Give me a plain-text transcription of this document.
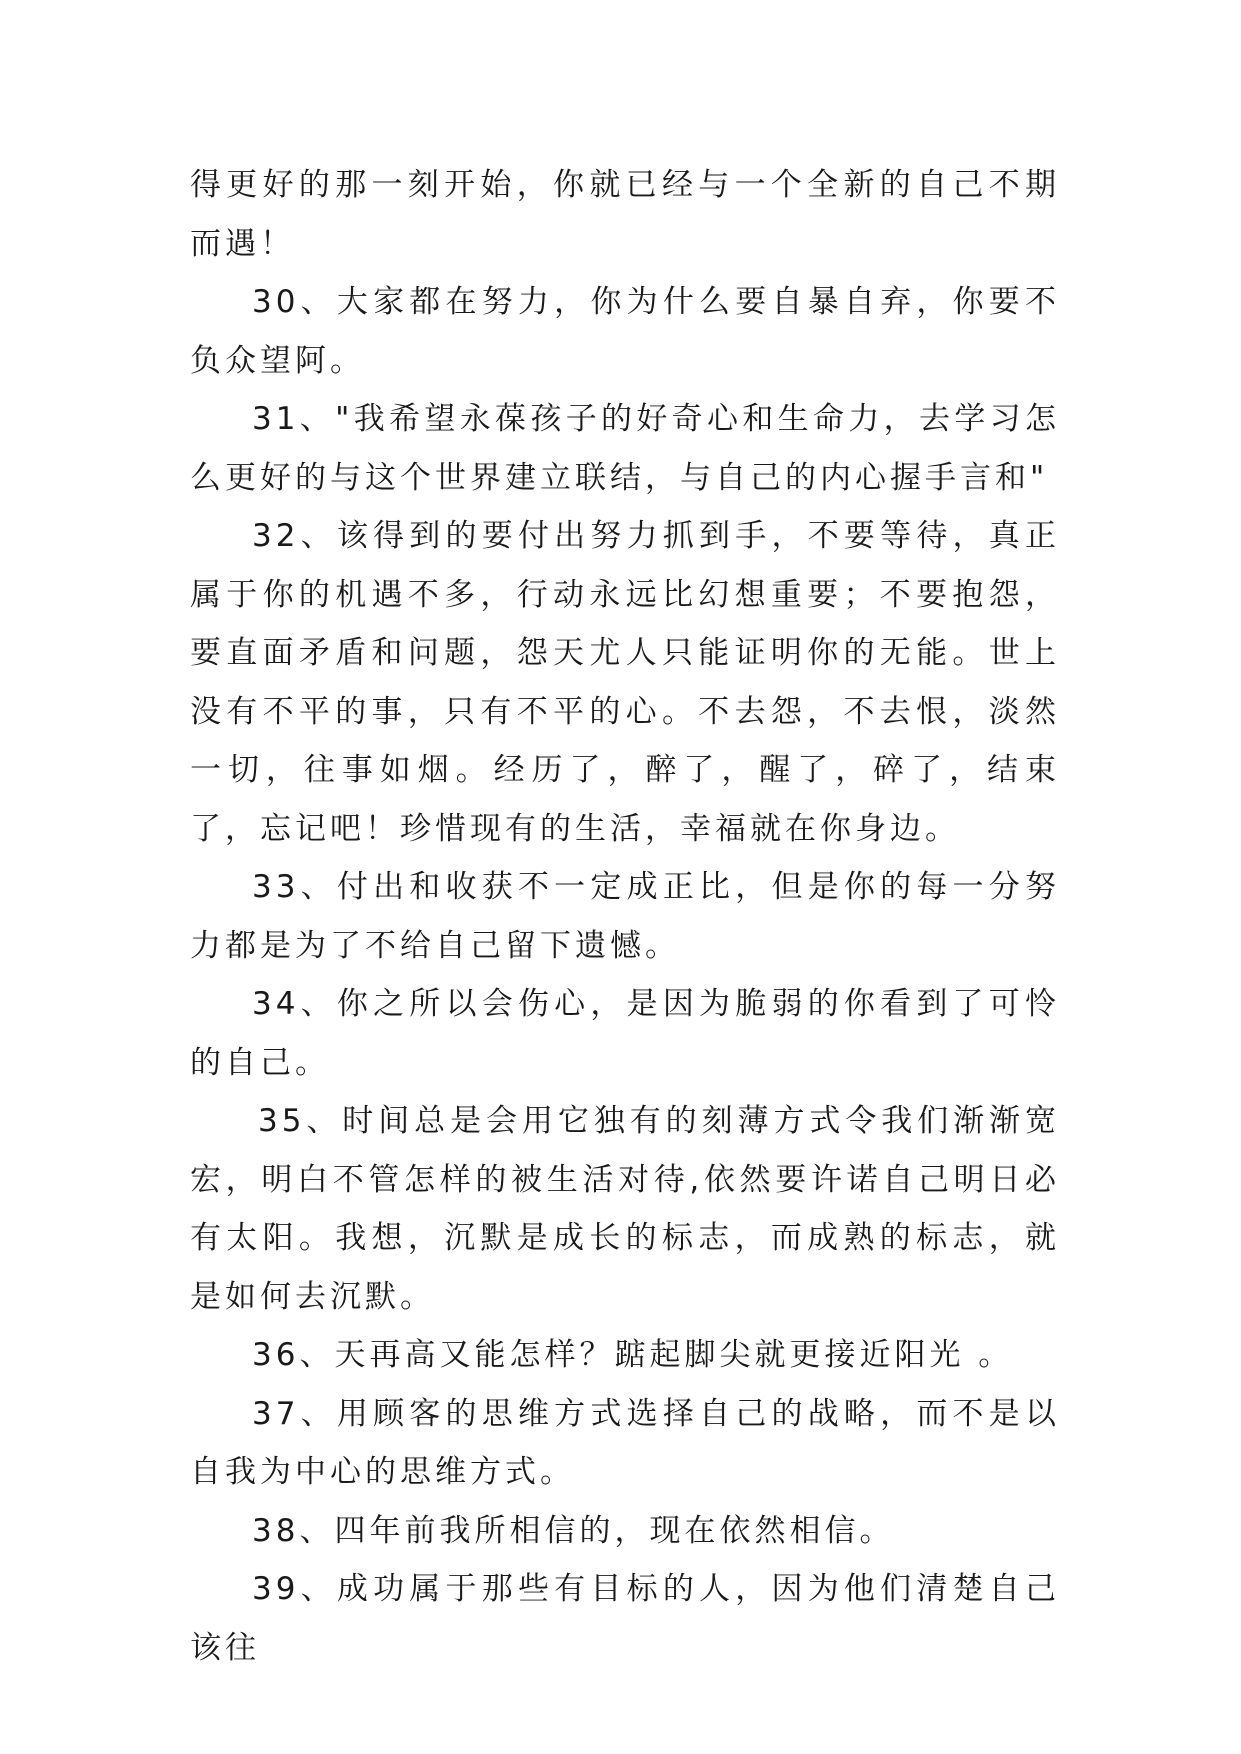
得更好的那一刻开始，你就已经与一个全新的自己不期而遇！

30、大家都在努力，你为什么要自暴自弃，你要不负众望阿。

31、"我希望永葆孩子的好奇心和生命力，去学习怎么更好的与这个世界建立联结，与自己的内心握手言和"

32、该得到的要付出努力抓到手，不要等待，真正属于你的机遇不多，行动永远比幻想重要；不要抱怨，要直面矛盾和问题，怨天尤人只能证明你的无能。世上没有不平的事，只有不平的心。不去怨，不去恨，淡然一切，往事如烟。经历了，醉了，醒了，碎了，结束了，忘记吧！珍惜现有的生活，幸福就在你身边。

33、付出和收获不一定成正比，但是你的每一分努力都是为了不给自己留下遗憾。

34、你之所以会伤心，是因为脆弱的你看到了可怜的自己。

35、时间总是会用它独有的刻薄方式令我们渐渐宽宏，明白不管怎样的被生活对待,依然要许诺自己明日必有太阳。我想，沉默是成长的标志，而成熟的标志，就是如何去沉默。

36、天再高又能怎样？踮起脚尖就更接近阳光 。

37、用顾客的思维方式选择自己的战略，而不是以自我为中心的思维方式。

38、四年前我所相信的，现在依然相信。

39、成功属于那些有目标的人，因为他们清楚自己该往
